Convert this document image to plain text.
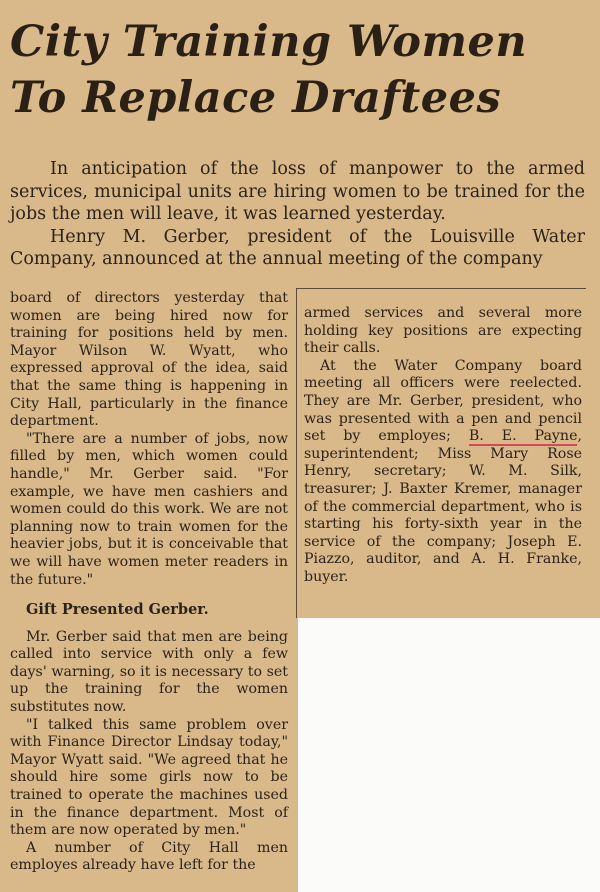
City Training Women
To Replace Draftees

In anticipation of the loss of manpower to the armed services, municipal units are hiring women to be trained for the jobs the men will leave, it was learned yesterday.

Henry M. Gerber, president of the Louisville Water Company, announced at the annual meeting of the company

board of directors yesterday that women are being hired now for training for positions held by men. Mayor Wilson W. Wyatt, who expressed approval of the idea, said that the same thing is happening in City Hall, particularly in the finance department.

"There are a number of jobs, now filled by men, which women could handle," Mr. Gerber said. "For example, we have men cashiers and women could do this work. We are not planning now to train women for the heavier jobs, but it is conceivable that we will have women meter readers in the future."

Gift Presented Gerber.

Mr. Gerber said that men are being called into service with only a few days' warning, so it is necessary to set up the training for the women substitutes now.

"I talked this same problem over with Finance Director Lindsay today," Mayor Wyatt said. "We agreed that he should hire some girls now to be trained to operate the machines used in the finance department. Most of them are now operated by men."

A number of City Hall men employes already have left for the

armed services and several more holding key positions are expecting their calls.

At the Water Company board meeting all officers were reelected. They are Mr. Gerber, president, who was presented with a pen and pencil set by employes; B. E. Payne, superintendent; Miss Mary Rose Henry, secretary; W. M. Silk, treasurer; J. Baxter Kremer, manager of the commercial department, who is starting his forty-sixth year in the service of the company; Joseph E. Piazzo, auditor, and A. H. Franke, buyer.
